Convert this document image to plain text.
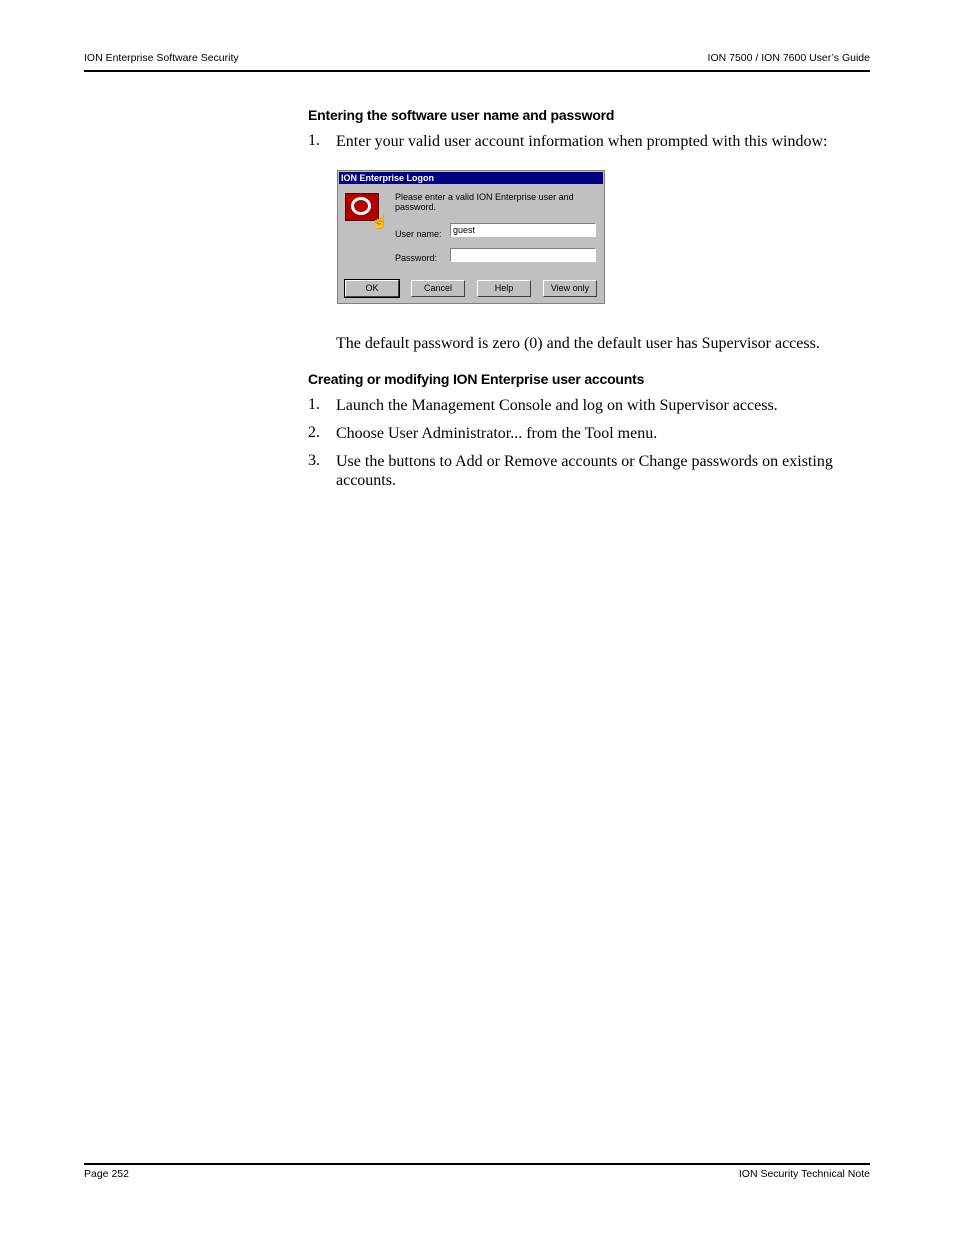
ION Enterprise Software Security	ION 7500 / ION 7600 User’s Guide
Entering the software user name and password
1. Enter your valid user account information when prompted with this window:
ION Enterprise Logon
☝
Please enter a valid ION Enterprise user and password.
User name:	guest
Password:
OK	Cancel	Help	View only
The default password is zero (0) and the default user has Supervisor access.
Creating or modifying ION Enterprise user accounts
1. Launch the Management Console and log on with Supervisor access.
2. Choose User Administrator... from the Tool menu.
3. Use the buttons to Add or Remove accounts or Change passwords on existing accounts.
Page 252	ION Security Technical Note
